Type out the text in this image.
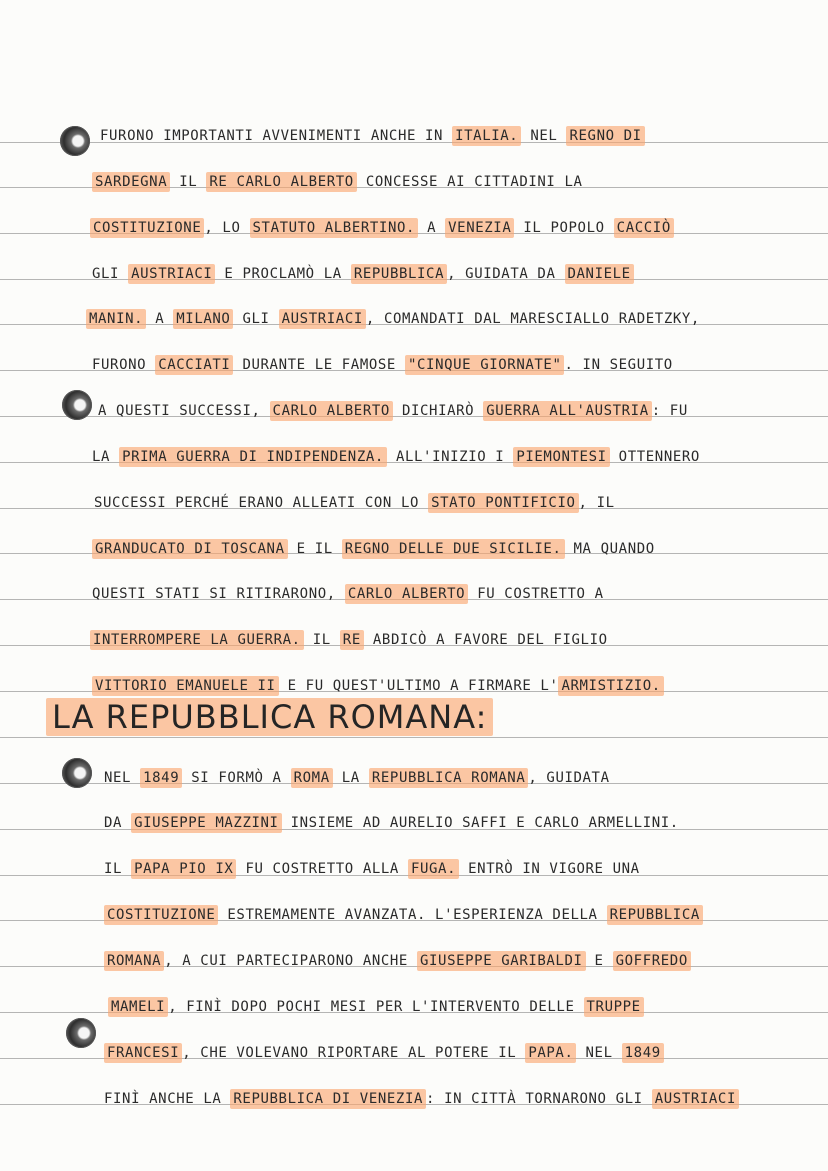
FURONO IMPORTANTI AVVENIMENTI ANCHE IN ITALIA. NEL REGNO DI
SARDEGNA IL RE CARLO ALBERTO CONCESSE AI CITTADINI LA
COSTITUZIONE , LO STATUTO ALBERTINO. A VENEZIA IL POPOLO CACCIÒ
GLI AUSTRIACI E PROCLAMÒ LA REPUBBLICA , GUIDATA DA DANIELE
MANIN. A MILANO GLI AUSTRIACI , COMANDATI DAL MARESCIALLO RADETZKY,
FURONO CACCIATI DURANTE LE FAMOSE "CINQUE GIORNATE" . IN SEGUITO
A QUESTI SUCCESSI, CARLO ALBERTO DICHIARÒ GUERRA ALL'AUSTRIA : FU
LA PRIMA GUERRA DI INDIPENDENZA. ALL'INIZIO I PIEMONTESI OTTENNERO
SUCCESSI PERCHÉ ERANO ALLEATI CON LO STATO PONTIFICIO , IL
GRANDUCATO DI TOSCANA E IL REGNO DELLE DUE SICILIE. MA QUANDO
QUESTI STATI SI RITIRARONO, CARLO ALBERTO FU COSTRETTO A
INTERROMPERE LA GUERRA. IL RE ABDICÒ A FAVORE DEL FIGLIO
VITTORIO EMANUELE II E FU QUEST'ULTIMO A FIRMARE L' ARMISTIZIO.
LA REPUBBLICA ROMANA:
NEL 1849 SI FORMÒ A ROMA LA REPUBBLICA ROMANA , GUIDATA
DA GIUSEPPE MAZZINI INSIEME AD AURELIO SAFFI E CARLO ARMELLINI.
IL PAPA PIO IX FU COSTRETTO ALLA FUGA. ENTRÒ IN VIGORE UNA
COSTITUZIONE ESTREMAMENTE AVANZATA. L'ESPERIENZA DELLA REPUBBLICA
ROMANA , A CUI PARTECIPARONO ANCHE GIUSEPPE GARIBALDI E GOFFREDO
MAMELI , FINÌ DOPO POCHI MESI PER L'INTERVENTO DELLE TRUPPE
FRANCESI , CHE VOLEVANO RIPORTARE AL POTERE IL PAPA. NEL 1849
FINÌ ANCHE LA REPUBBLICA DI VENEZIA : IN CITTÀ TORNARONO GLI AUSTRIACI
